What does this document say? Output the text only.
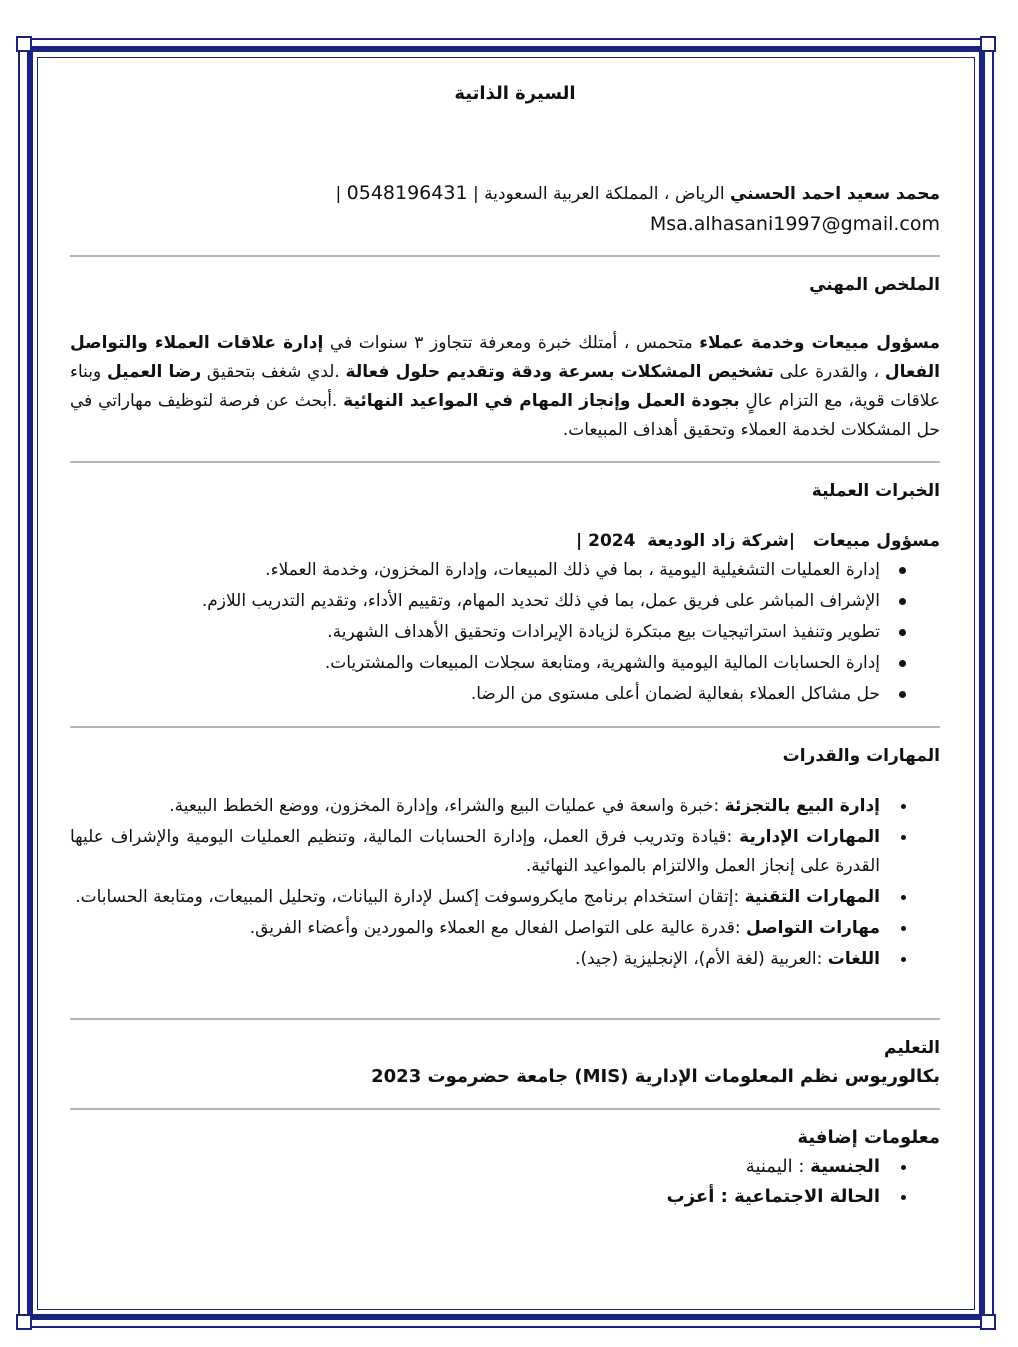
السيرة الذاتية
محمد سعيد احمد الحسني الرياض ، المملكة العربية السعودية | 0548196431 |
Msa.alhasani1997@gmail.com
الملخص المهني
مسؤول مبيعات وخدمة عملاء متحمس ، أمتلك خبرة ومعرفة تتجاوز ٣ سنوات في إدارة علاقات العملاء والتواصل الفعال ، والقدرة على تشخيص المشكلات بسرعة ودقة وتقديم حلول فعالة .لدي شغف بتحقيق رضا العميل وبناء علاقات قوية، مع التزام عالٍ بجودة العمل وإنجاز المهام في المواعيد النهائية .أبحث عن فرصة لتوظيف مهاراتي في حل المشكلات لخدمة العملاء وتحقيق أهداف المبيعات.
الخبرات العملية
مسؤول مبيعات   |شركة زاد الوديعة  2024 |
إدارة العمليات التشغيلية اليومية ، بما في ذلك المبيعات، وإدارة المخزون، وخدمة العملاء.
الإشراف المباشر على فريق عمل، بما في ذلك تحديد المهام، وتقييم الأداء، وتقديم التدريب اللازم.
تطوير وتنفيذ استراتيجيات بيع مبتكرة لزيادة الإيرادات وتحقيق الأهداف الشهرية.
إدارة الحسابات المالية اليومية والشهرية، ومتابعة سجلات المبيعات والمشتريات.
حل مشاكل العملاء بفعالية لضمان أعلى مستوى من الرضا.
المهارات والقدرات
إدارة البيع بالتجزئة :خبرة واسعة في عمليات البيع والشراء، وإدارة المخزون، ووضع الخطط البيعية.
المهارات الإدارية :قيادة وتدريب فرق العمل، وإدارة الحسابات المالية، وتنظيم العمليات اليومية والإشراف عليها القدرة على إنجاز العمل والالتزام بالمواعيد النهائية.
المهارات التقنية :إتقان استخدام برنامج مايكروسوفت إكسل لإدارة البيانات، وتحليل المبيعات، ومتابعة الحسابات.
مهارات التواصل :قدرة عالية على التواصل الفعال مع العملاء والموردين وأعضاء الفريق.
اللغات :العربية (لغة الأم)، الإنجليزية (جيد).
التعليم
بكالوريوس نظم المعلومات الإدارية (MIS) جامعة حضرموت 2023
معلومات إضافية
الجنسية : اليمنية
الحالة الاجتماعية : أعزب
